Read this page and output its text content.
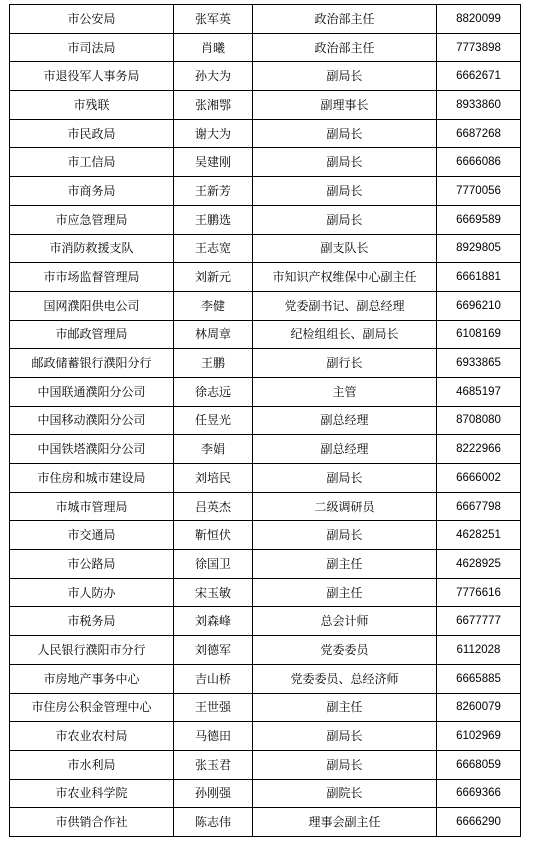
市公安局	张军英	政治部主任	8820099
市司法局	肖曦	政治部主任	7773898
市退役军人事务局	孙大为	副局长	6662671
市残联	张湘鄂	副理事长	8933860
市民政局	谢大为	副局长	6687268
市工信局	吴建刚	副局长	6666086
市商务局	王新芳	副局长	7770056
市应急管理局	王鹏选	副局长	6669589
市消防救援支队	王志宽	副支队长	8929805
市市场监督管理局	刘新元	市知识产权维保中心副主任	6661881
国网濮阳供电公司	李健	党委副书记、副总经理	6696210
市邮政管理局	林周章	纪检组组长、副局长	6108169
邮政储蓄银行濮阳分行	王鹏	副行长	6933865
中国联通濮阳分公司	徐志远	主管	4685197
中国移动濮阳分公司	任昱光	副总经理	8708080
中国铁塔濮阳分公司	李娟	副总经理	8222966
市住房和城市建设局	刘培民	副局长	6666002
市城市管理局	吕英杰	二级调研员	6667798
市交通局	靳恒伏	副局长	4628251
市公路局	徐国卫	副主任	4628925
市人防办	宋玉敏	副主任	7776616
市税务局	刘森峰	总会计师	6677777
人民银行濮阳市分行	刘德军	党委委员	6112028
市房地产事务中心	吉山桥	党委委员、总经济师	6665885
市住房公积金管理中心	王世强	副主任	8260079
市农业农村局	马德田	副局长	6102969
市水利局	张玉君	副局长	6668059
市农业科学院	孙刚强	副院长	6669366
市供销合作社	陈志伟	理事会副主任	6666290
